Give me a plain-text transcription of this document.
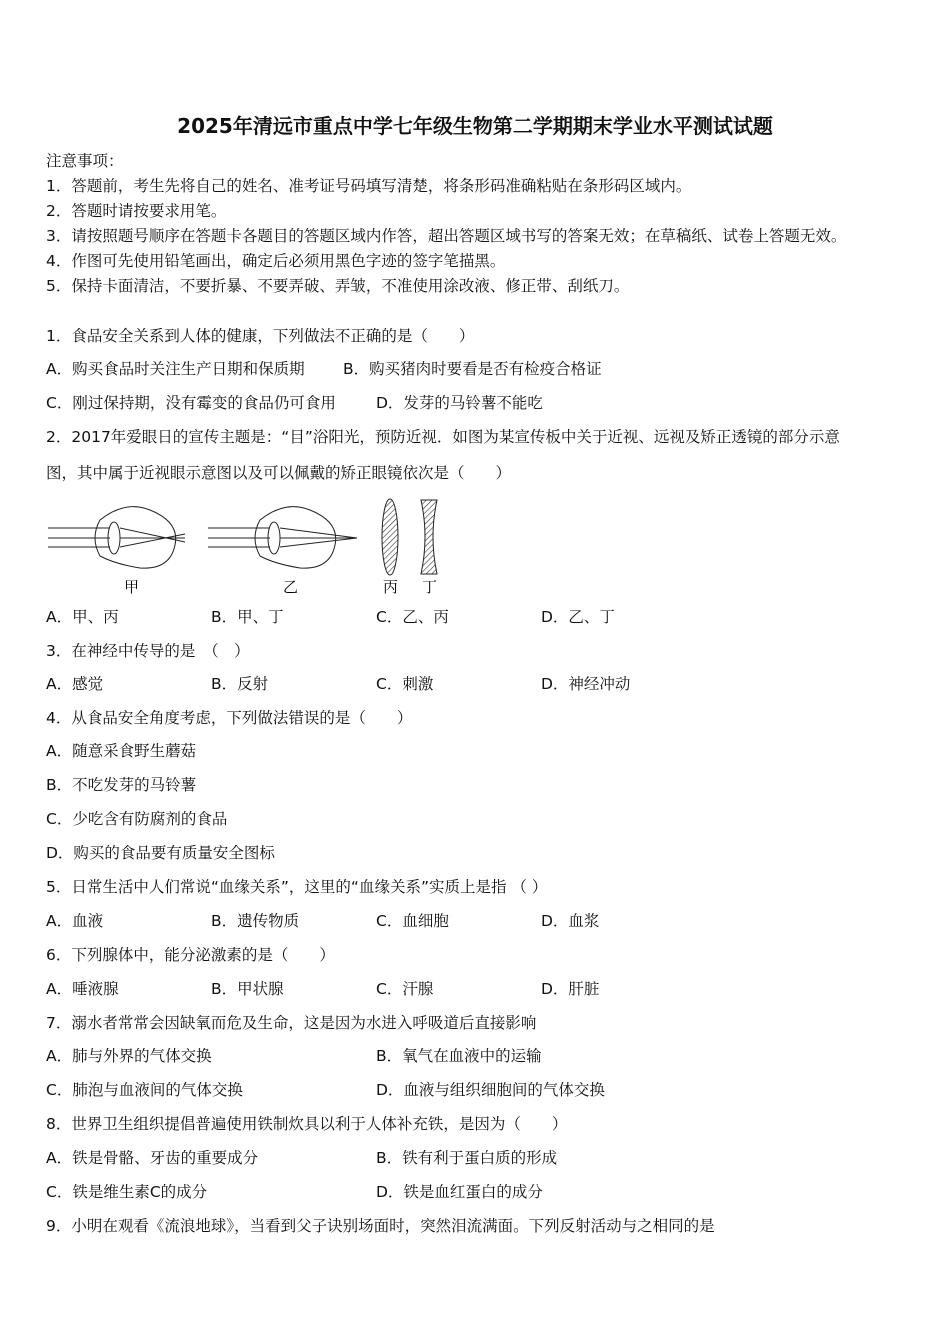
2025年清远市重点中学七年级生物第二学期期末学业水平测试试题
注意事项：
1．答题前，考生先将自己的姓名、准考证号码填写清楚，将条形码准确粘贴在条形码区域内。
2．答题时请按要求用笔。
3．请按照题号顺序在答题卡各题目的答题区域内作答，超出答题区域书写的答案无效；在草稿纸、试卷上答题无效。
4．作图可先使用铅笔画出，确定后必须用黑色字迹的签字笔描黑。
5．保持卡面清洁，不要折暴、不要弄破、弄皱，不准使用涂改液、修正带、刮纸刀。
1．食品安全关系到人体的健康，下列做法不正确的是（　　）
A．购买食品时关注生产日期和保质期 B．购买猪肉时要看是否有检疫合格证
C．刚过保持期，没有霉变的食品仍可食用	D．发芽的马铃薯不能吃
2．2017年爱眼日的宣传主题是：“目”浴阳光，预防近视．如图为某宣传板中关于近视、远视及矫正透镜的部分示意
图，其中属于近视眼示意图以及可以佩戴的矫正眼镜依次是（　　）
甲	乙	丙 丁
A．甲、丙	B．甲、丁	C．乙、丙	D．乙、丁
3．在神经中传导的是　（　）
A．感觉	B．反射	C．刺激	D．神经冲动
4．从食品安全角度考虑，下列做法错误的是（　　）
A．随意采食野生蘑菇
B．不吃发芽的马铃薯
C．少吃含有防腐剂的食品
D．购买的食品要有质量安全图标
5．日常生活中人们常说“血缘关系”，这里的“血缘关系”实质上是指 （ ）
A．血液	B．遗传物质	C．血细胞	D．血浆
6．下列腺体中，能分泌激素的是（　　）
A．唾液腺	B．甲状腺	C．汗腺	D．肝脏
7．溺水者常常会因缺氧而危及生命，这是因为水进入呼吸道后直接影响
A．肺与外界的气体交换	B．氧气在血液中的运输
C．肺泡与血液间的气体交换	D．血液与组织细胞间的气体交换
8．世界卫生组织提倡普遍使用铁制炊具以利于人体补充铁，是因为（　　）
A．铁是骨骼、牙齿的重要成分	B．铁有利于蛋白质的形成
C．铁是维生素C的成分	D．铁是血红蛋白的成分
9．小明在观看《流浪地球》，当看到父子诀别场面时，突然泪流满面。下列反射活动与之相同的是
